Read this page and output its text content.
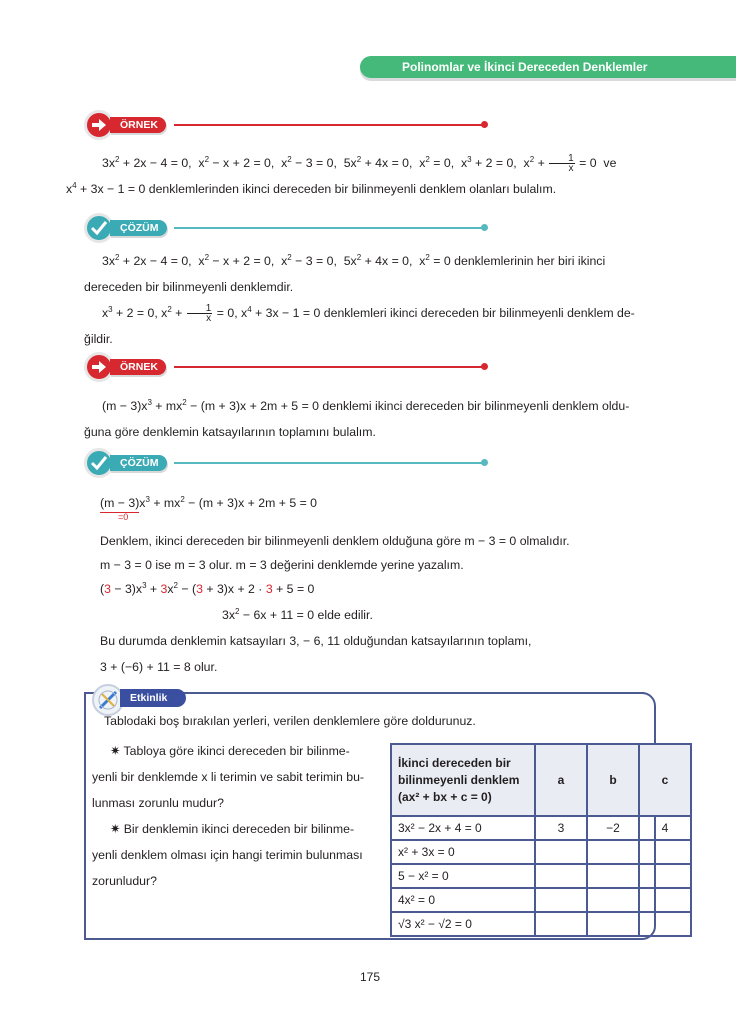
Polinomlar ve İkinci Dereceden Denklemler
ÖRNEK
$3x^2 + 2x - 4 = 0$,  $x^2 - x + 2 = 0$,  $x^2 - 3 = 0$,  $5x^2 + 4x = 0$,  $x^2 = 0$,  $x^3 + 2 = 0$,  $x^2 + \frac{1}{x} = 0$  ve
$x^4 + 3x - 1 = 0$ denklemlerinden ikinci dereceden bir bilinmeyenli denklem olanları bulalım.
ÇÖZÜM
$3x^2 + 2x - 4 = 0$,  $x^2 - x + 2 = 0$,  $x^2 - 3 = 0$,  $5x^2 + 4x = 0$,  $x^2 = 0$ denklemlerinin her biri ikinci
dereceden bir bilinmeyenli denklemdir.
$x^3 + 2 = 0$, $x^2 + \frac{1}{x} = 0$, $x^4 + 3x - 1 = 0$ denklemleri ikinci dereceden bir bilinmeyenli denklem de-
ğildir.
ÖRNEK
$(m - 3)x^3 + mx^2 - (m + 3)x + 2m + 5 = 0$ denklemi ikinci dereceden bir bilinmeyenli denklem oldu-
ğuna göre denklemin katsayılarının toplamını bulalım.
ÇÖZÜM
$(m - 3)x^3 + mx^2 - (m + 3)x + 2m + 5 = 0$
=0
Denklem, ikinci dereceden bir bilinmeyenli denklem olduğuna göre m − 3 = 0 olmalıdır.
m − 3 = 0 ise m = 3 olur. m = 3 değerini denklemde yerine yazalım.
$(3 - 3)x^3 + 3x^2 - (3 + 3)x + 2 \cdot 3 + 5 = 0$
$3x^2 - 6x + 11 = 0$ elde edilir.
Bu durumda denklemin katsayıları 3, − 6, 11 olduğundan katsayılarının toplamı,
3 + (−6) + 11 = 8 olur.
Etkinlik
Tablodaki boş bırakılan yerleri, verilen denklemlere göre doldurunuz.
✷ Tabloya göre ikinci dereceden bir bilinme-
yenli bir denklemde x li terimin ve sabit terimin bu-
lunması zorunlu mudur?
✷ Bir denklemin ikinci dereceden bir bilinme-
yenli denklem olması için hangi terimin bulunması
zorunludur?
İkinci dereceden bir
bilinmeyenli denklem
(ax² + bx + c = 0)	a	b	c
3x² − 2x + 4 = 0	3	−2	4
x² + 3x = 0			
5 − x² = 0			
4x² = 0			
√3 x² − √2 = 0			
175
